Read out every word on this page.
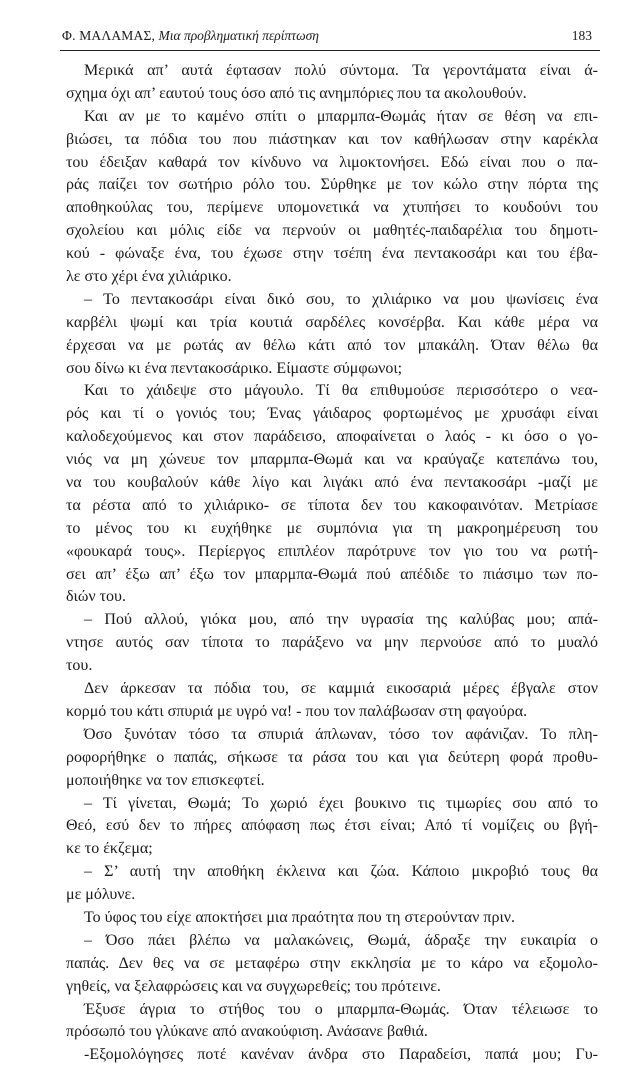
Φ. ΜΑΛΑΜΑΣ, Μια προβληματική περίπτωση	183
Μερικά απ’ αυτά έφτασαν πολύ σύντομα. Τα γεροντάματα είναι ά-
σχημα όχι απ’ εαυτού τους όσο από τις ανημπόριες που τα ακολουθούν.
Και αν με το καμένο σπίτι ο μπαρμπα-Θωμάς ήταν σε θέση να επι-
βιώσει, τα πόδια του που πιάστηκαν και τον καθήλωσαν στην καρέκλα
του έδειξαν καθαρά τον κίνδυνο να λιμοκτονήσει. Εδώ είναι που ο πα-
ράς παίζει τον σωτήριο ρόλο του. Σύρθηκε με τον κώλο στην πόρτα της
αποθηκούλας του, περίμενε υπομονετικά να χτυπήσει το κουδούνι του
σχολείου και μόλις είδε να περνούν οι μαθητές-παιδαρέλια του δημοτι-
κού - φώναξε ένα, του έχωσε στην τσέπη ένα πεντακοσάρι και του έβα-
λε στο χέρι ένα χιλιάρικο.
– Το πεντακοσάρι είναι δικό σου, το χιλιάρικο να μου ψωνίσεις ένα
καρβέλι ψωμί και τρία κουτιά σαρδέλες κονσέρβα. Και κάθε μέρα να
έρχεσαι να με ρωτάς αν θέλω κάτι από τον μπακάλη. Όταν θέλω θα
σου δίνω κι ένα πεντακοσάρικο. Είμαστε σύμφωνοι;
Και το χάιδεψε στο μάγουλο. Τί θα επιθυμούσε περισσότερο ο νεα-
ρός και τί ο γονιός του; Ένας γάιδαρος φορτωμένος με χρυσάφι είναι
καλοδεχούμενος και στον παράδεισο, αποφαίνεται ο λαός - κι όσο ο γο-
νιός να μη χώνευε τον μπαρμπα-Θωμά και να κραύγαζε κατεπάνω του,
να του κουβαλούν κάθε λίγο και λιγάκι από ένα πεντακοσάρι -μαζί με
τα ρέστα από το χιλιάρικο- σε τίποτα δεν του κακοφαινόταν. Μετρίασε
το μένος του κι ευχήθηκε με συμπόνια για τη μακροημέρευση του
«φουκαρά τους». Περίεργος επιπλέον παρότρυνε τον γιο του να ρωτή-
σει απ’ έξω απ’ έξω τον μπαρμπα-Θωμά πού απέδιδε το πιάσιμο των πο-
διών του.
– Πού αλλού, γιόκα μου, από την υγρασία της καλύβας μου; απά-
ντησε αυτός σαν τίποτα το παράξενο να μην περνούσε από το μυαλό
του.
Δεν άρκεσαν τα πόδια του, σε καμμιά εικοσαριά μέρες έβγαλε στον
κορμό του κάτι σπυριά με υγρό να! - που τον παλάβωσαν στη φαγούρα.
Όσο ξυνόταν τόσο τα σπυριά άπλωναν, τόσο τον αφάνιζαν. Το πλη-
ροφορήθηκε ο παπάς, σήκωσε τα ράσα του και για δεύτερη φορά προθυ-
μοποιήθηκε να τον επισκεφτεί.
– Τί γίνεται, Θωμά; Το χωριό έχει βουκινο τις τιμωρίες σου από το
Θεό, εσύ δεν το πήρες απόφαση πως έτσι είναι; Από τί νομίζεις ου βγή-
κε το έκζεμα;
– Σ’ αυτή την αποθήκη έκλεινα και ζώα. Κάποιο μικροβιό τους θα
με μόλυνε.
Το ύφος του είχε αποκτήσει μια πραότητα που τη στερούνταν πριν.
– Όσο πάει βλέπω να μαλακώνεις, Θωμά, άδραξε την ευκαιρία ο
παπάς. Δεν θες να σε μεταφέρω στην εκκλησία με το κάρο να εξομολο-
γηθείς, να ξελαφρώσεις και να συγχωρεθείς; του πρότεινε.
Έξυσε άγρια το στήθος του ο μπαρμπα-Θωμάς. Όταν τέλειωσε το
πρόσωπό του γλύκανε από ανακούφιση. Ανάσανε βαθιά.
-Εξομολόγησες ποτέ κανέναν άνδρα στο Παραδείσι, παπά μου; Γυ-
